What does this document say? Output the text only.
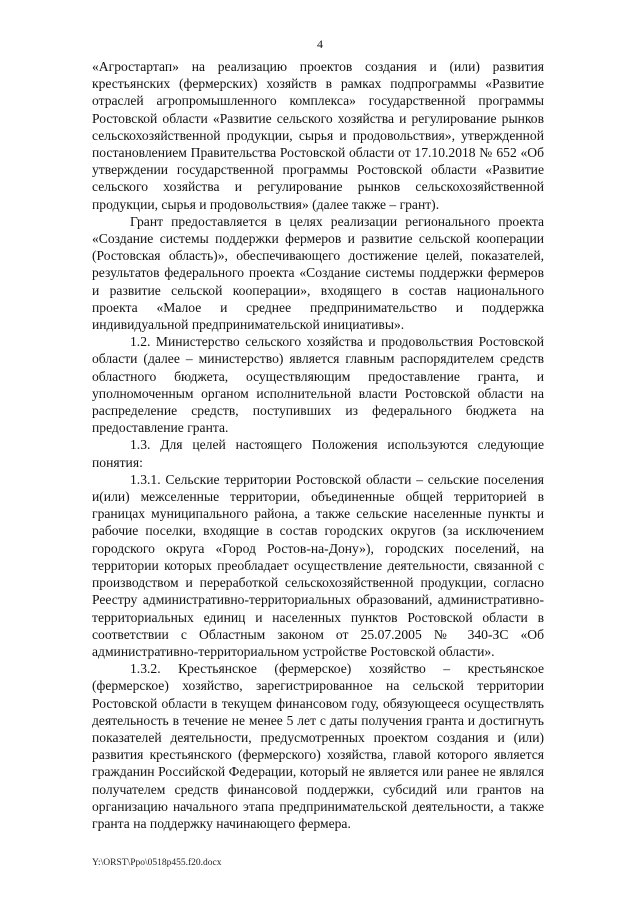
4

«Агростартап» на реализацию проектов создания и (или) развития крестьянских (фермерских) хозяйств в рамках подпрограммы «Развитие отраслей агропромышленного комплекса» государственной программы Ростовской области «Развитие сельского хозяйства и регулирование рынков сельскохозяйственной продукции, сырья и продовольствия», утвержденной постановлением Правительства Ростовской области от 17.10.2018 № 652 «Об утверждении государственной программы Ростовской области «Развитие сельского хозяйства и регулирование рынков сельскохозяйственной продукции, сырья и продовольствия» (далее также – грант).

Грант предоставляется в целях реализации регионального проекта «Создание системы поддержки фермеров и развитие сельской кооперации (Ростовская область)», обеспечивающего достижение целей, показателей, результатов федерального проекта «Создание системы поддержки фермеров и развитие сельской кооперации», входящего в состав национального проекта «Малое и среднее предпринимательство и поддержка индивидуальной предпринимательской инициативы».

1.2. Министерство сельского хозяйства и продовольствия Ростовской области (далее – министерство) является главным распорядителем средств областного бюджета, осуществляющим предоставление гранта, и уполномоченным органом исполнительной власти Ростовской области на распределение средств, поступивших из федерального бюджета на предоставление гранта.

1.3. Для целей настоящего Положения используются следующие понятия:

1.3.1. Сельские территории Ростовской области – сельские поселения и(или) межселенные территории, объединенные общей территорией в границах муниципального района, а также сельские населенные пункты и рабочие поселки, входящие в состав городских округов (за исключением городского округа «Город Ростов-на-Дону»), городских поселений, на территории которых преобладает осуществление деятельности, связанной с производством и переработкой сельскохозяйственной продукции, согласно Реестру административно-территориальных образований, административно-территориальных единиц и населенных пунктов Ростовской области в соответствии с Областным законом от 25.07.2005 № 340-ЗС «Об административно-территориальном устройстве Ростовской области».

1.3.2. Крестьянское (фермерское) хозяйство – крестьянское (фермерское) хозяйство, зарегистрированное на сельской территории Ростовской области в текущем финансовом году, обязующееся осуществлять деятельность в течение не менее 5 лет с даты получения гранта и достигнуть показателей деятельности, предусмотренных проектом создания и (или) развития крестьянского (фермерского) хозяйства, главой которого является гражданин Российской Федерации, который не является или ранее не являлся получателем средств финансовой поддержки, субсидий или грантов на организацию начального этапа предпринимательской деятельности, а также гранта на поддержку начинающего фермера.

Y:\ORST\Ppo\0518p455.f20.docx
